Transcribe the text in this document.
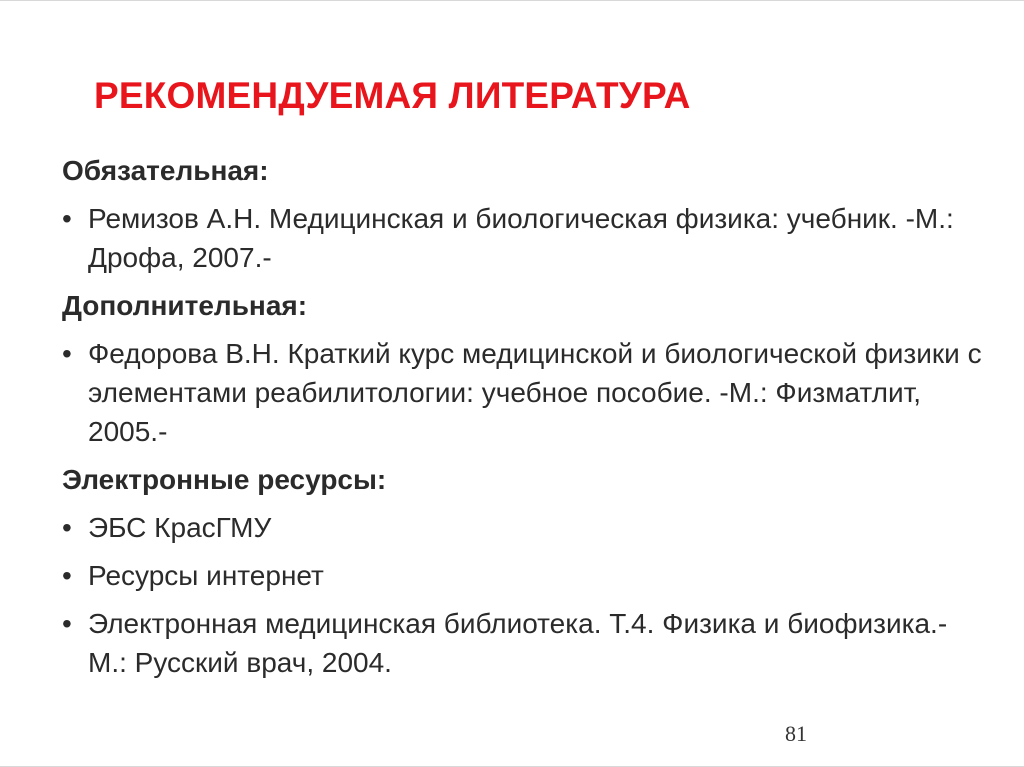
РЕКОМЕНДУЕМАЯ ЛИТЕРАТУРА
Обязательная:
• Ремизов А.Н. Медицинская и биологическая физика: учебник. -М.: Дрофа, 2007.-
Дополнительная:
• Федорова В.Н. Краткий курс медицинской и биологической физики с элементами реабилитологии: учебное пособие. -М.: Физматлит, 2005.-
Электронные ресурсы:
• ЭБС КрасГМУ
• Ресурсы интернет
• Электронная медицинская библиотека. Т.4. Физика и биофизика.- М.: Русский врач, 2004.
81
